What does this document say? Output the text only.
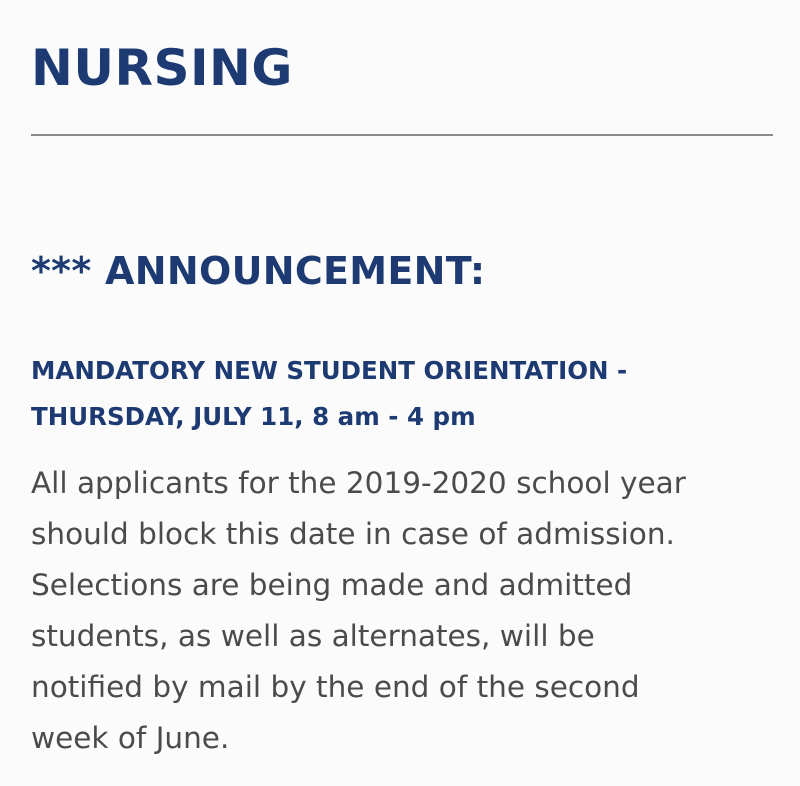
NURSING
*** ANNOUNCEMENT:
MANDATORY NEW STUDENT ORIENTATION -
THURSDAY, JULY 11, 8 am - 4 pm

All applicants for the 2019-2020 school year
should block this date in case of admission.
Selections are being made and admitted
students, as well as alternates, will be
notified by mail by the end of the second
week of June.
